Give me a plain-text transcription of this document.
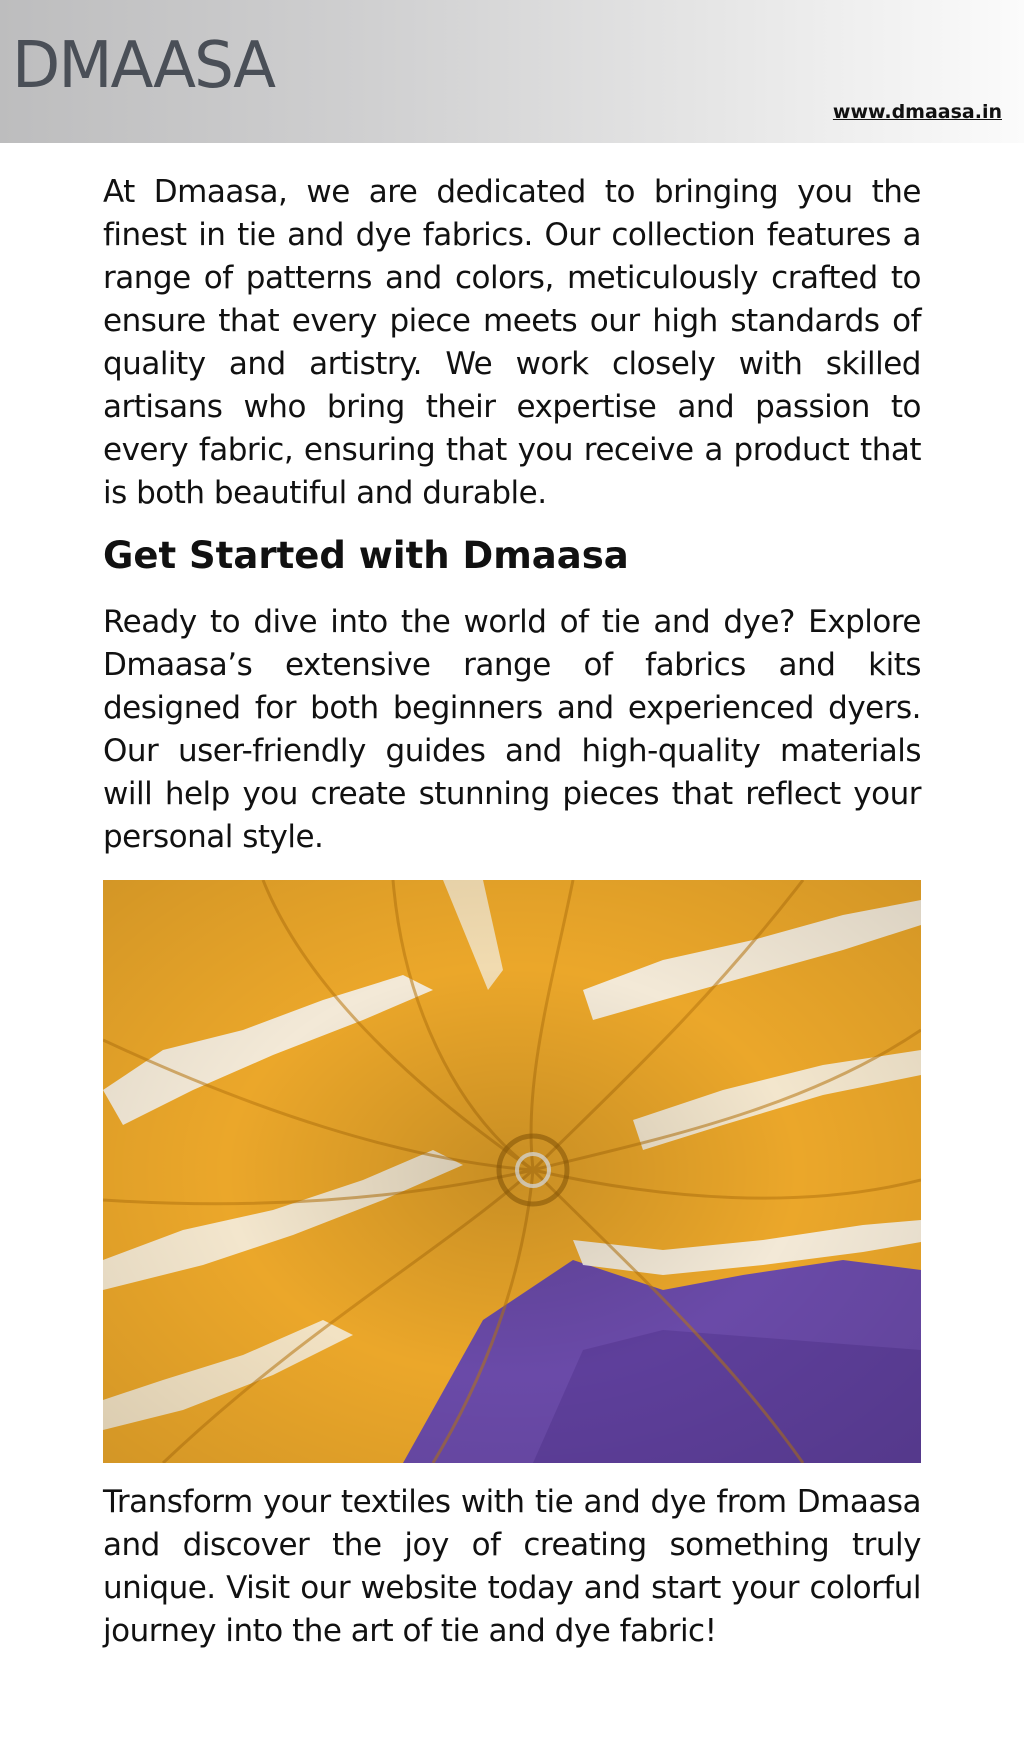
DMAASA
www.dmaasa.in

At Dmaasa, we are dedicated to bringing you the finest in tie and dye fabrics. Our collection features a range of patterns and colors, meticulously crafted to ensure that every piece meets our high standards of quality and artistry. We work closely with skilled artisans who bring their expertise and passion to every fabric, ensuring that you receive a product that is both beautiful and durable.

Get Started with Dmaasa

Ready to dive into the world of tie and dye? Explore Dmaasa’s extensive range of fabrics and kits designed for both beginners and experienced dyers. Our user-friendly guides and high-quality materials will help you create stunning pieces that reflect your personal style.

Transform your textiles with tie and dye from Dmaasa and discover the joy of creating something truly unique. Visit our website today and start your colorful journey into the art of tie and dye fabric!
